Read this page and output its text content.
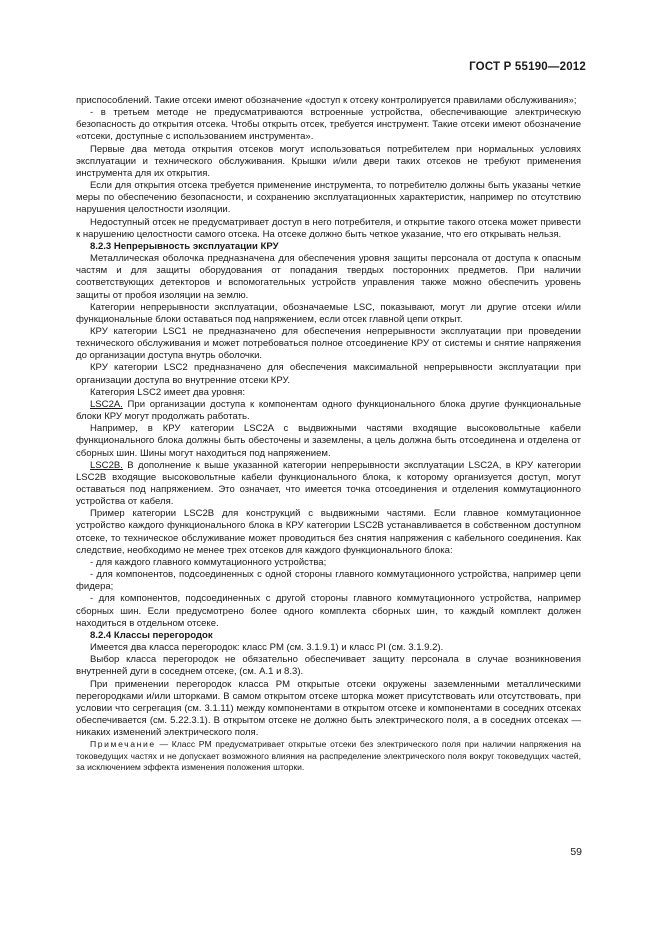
ГОСТ Р 55190—2012

приспособлений. Такие отсеки имеют обозначение «доступ к отсеку контролируется правилами обслуживания»;

- в третьем методе не предусматриваются встроенные устройства, обеспечивающие электрическую безопасность до открытия отсека. Чтобы открыть отсек, требуется инструмент. Такие отсеки имеют обозначение «отсеки, доступные с использованием инструмента».

Первые два метода открытия отсеков могут использоваться потребителем при нормальных условиях эксплуатации и технического обслуживания. Крышки и/или двери таких отсеков не требуют применения инструмента для их открытия.

Если для открытия отсека требуется применение инструмента, то потребителю должны быть указаны четкие меры по обеспечению безопасности, и сохранению эксплуатационных характеристик, например по отсутствию нарушения целостности изоляции.

Недоступный отсек не предусматривает доступ в него потребителя, и открытие такого отсека может привести к нарушению целостности самого отсека. На отсеке должно быть четкое указание, что его открывать нельзя.

8.2.3 Непрерывность эксплуатации КРУ

Металлическая оболочка предназначена для обеспечения уровня защиты персонала от доступа к опасным частям и для защиты оборудования от попадания твердых посторонних предметов. При наличии соответствующих детекторов и вспомогательных устройств управления также можно обеспечить уровень защиты от пробоя изоляции на землю.

Категории непрерывности эксплуатации, обозначаемые LSC, показывают, могут ли другие отсеки и/или функциональные блоки оставаться под напряжением, если отсек главной цепи открыт.

КРУ категории LSC1 не предназначено для обеспечения непрерывности эксплуатации при проведении технического обслуживания и может потребоваться полное отсоединение КРУ от системы и снятие напряжения до организации доступа внутрь оболочки.

КРУ категории LSC2 предназначено для обеспечения максимальной непрерывности эксплуатации при организации доступа во внутренние отсеки КРУ.

Категория LSC2 имеет два уровня:

LSC2A. При организации доступа к компонентам одного функционального блока другие функциональные блоки КРУ могут продолжать работать.

Например, в КРУ категории LSC2A с выдвижными частями входящие высоковольтные кабели функционального блока должны быть обесточены и заземлены, а цель должна быть отсоединена и отделена от сборных шин. Шины могут находиться под напряжением.

LSC2B. В дополнение к выше указанной категории непрерывности эксплуатации LSC2A, в КРУ категории LSC2B входящие высоковольтные кабели функционального блока, к которому организуется доступ, могут оставаться под напряжением. Это означает, что имеется точка отсоединения и отделения коммутационного устройства от кабеля.

Пример категории LSC2B для конструкций с выдвижными частями. Если главное коммутационное устройство каждого функционального блока в КРУ категории LSC2B устанавливается в собственном доступном отсеке, то техническое обслуживание может проводиться без снятия напряжения с кабельного соединения. Как следствие, необходимо не менее трех отсеков для каждого функционального блока:

- для каждого главного коммутационного устройства;

- для компонентов, подсоединенных с одной стороны главного коммутационного устройства, например цепи фидера;

- для компонентов, подсоединенных с другой стороны главного коммутационного устройства, например сборных шин. Если предусмотрено более одного комплекта сборных шин, то каждый комплект должен находиться в отдельном отсеке.

8.2.4 Классы перегородок

Имеется два класса перегородок: класс PM (см. 3.1.9.1) и класс PI (см. 3.1.9.2).

Выбор класса перегородок не обязательно обеспечивает защиту персонала в случае возникновения внутренней дуги в соседнем отсеке, (см. А.1 и 8.3).

При применении перегородок класса PM открытые отсеки окружены заземленными металлическими перегородками и/или шторками. В самом открытом отсеке шторка может присутствовать или отсутствовать, при условии что сегрегация (см. 3.1.11) между компонентами в открытом отсеке и компонентами в соседних отсеках обеспечивается (см. 5.22.3.1). В открытом отсеке не должно быть электрического поля, а в соседних отсеках — никаких изменений электрического поля.

Примечание — Класс PM предусматривает открытые отсеки без электрического поля при наличии напряжения на токоведущих частях и не допускает возможного влияния на распределение электрического поля вокруг токоведущих частей, за исключением эффекта изменения положения шторки.

59
